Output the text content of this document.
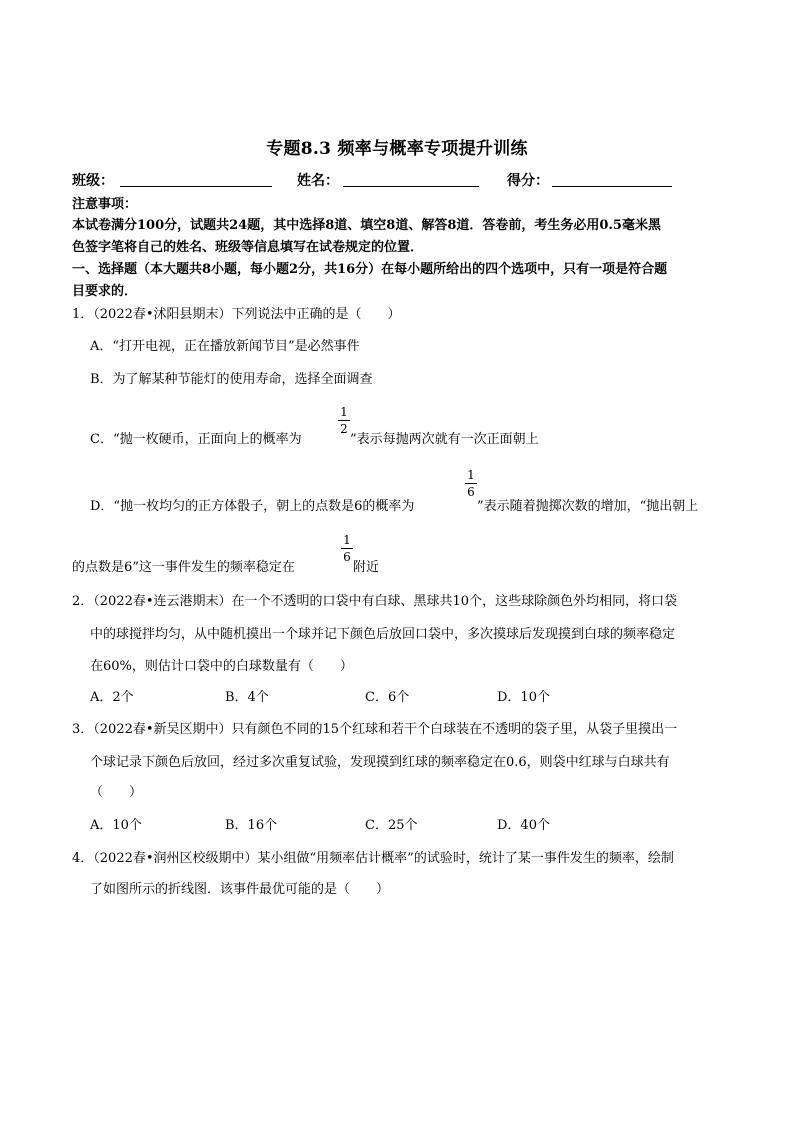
专题8.3 频率与概率专项提升训练
班级：	姓名：	得分：
注意事项：
本试卷满分100分，试题共24题，其中选择8道、填空8道、解答8道．答卷前，考生务必用0.5毫米黑
色签字笔将自己的姓名、班级等信息填写在试卷规定的位置．
一、选择题（本大题共8小题，每小题2分，共16分）在每小题所给出的四个选项中，只有一项是符合题
目要求的．
1．（2022春•沭阳县期末）下列说法中正确的是（　　）
A．“打开电视，正在播放新闻节目”是必然事件
B．为了解某种节能灯的使用寿命，选择全面调查
C．“抛一枚硬币，正面向上的概率为
1
2
”表示每抛两次就有一次正面朝上
D．“抛一枚均匀的正方体骰子，朝上的点数是6的概率为
1
6
”表示随着抛掷次数的增加，“抛出朝上
的点数是6”这一事件发生的频率稳定在
1
6
附近
2．（2022春•连云港期末）在一个不透明的口袋中有白球、黑球共10个，这些球除颜色外均相同，将口袋
中的球搅拌均匀，从中随机摸出一个球并记下颜色后放回口袋中，多次摸球后发现摸到白球的频率稳定
在60%，则估计口袋中的白球数量有（　　）
A．2个	B．4个	C．6个	D．10个
3．（2022春•新吴区期中）只有颜色不同的15个红球和若干个白球装在不透明的袋子里，从袋子里摸出一
个球记录下颜色后放回，经过多次重复试验，发现摸到红球的频率稳定在0.6，则袋中红球与白球共有
（　　）
A．10个	B．16个	C．25个	D．40个
4．（2022春•润州区校级期中）某小组做“用频率估计概率”的试验时，统计了某一事件发生的频率，绘制
了如图所示的折线图．该事件最优可能的是（　　）
